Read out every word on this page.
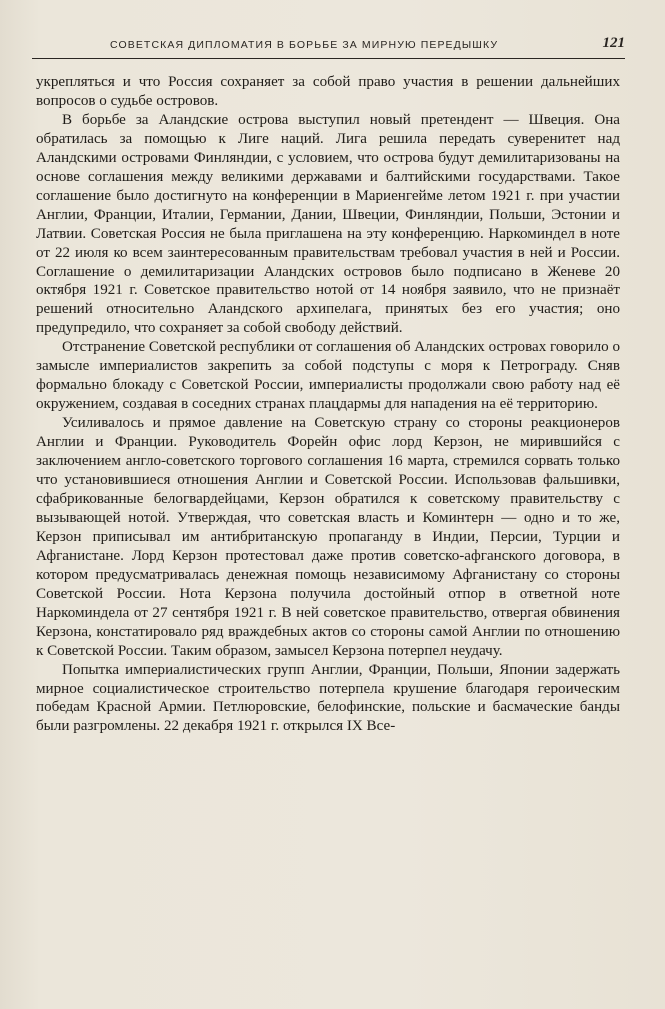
СОВЕТСКАЯ ДИПЛОМАТИЯ В БОРЬБЕ ЗА МИРНУЮ ПЕРЕДЫШКУ	121

укрепляться и что Россия сохраняет за собой право участия в решении дальнейших вопросов о судьбе островов.

В борьбе за Аландские острова выступил новый претендент — Швеция. Она обратилась за помощью к Лиге наций. Лига решила передать суверенитет над Аландскими островами Финляндии, с условием, что острова будут демилитаризованы на основе соглашения между великими державами и балтийскими государствами. Такое соглашение было достигнуто на конференции в Мариенгейме летом 1921 г. при участии Англии, Франции, Италии, Германии, Дании, Швеции, Финляндии, Польши, Эстонии и Латвии. Советская Россия не была приглашена на эту конференцию. Наркоминдел в ноте от 22 июля ко всем заинтересованным правительствам требовал участия в ней и России. Соглашение о демилитаризации Аландских островов было подписано в Женеве 20 октября 1921 г. Советское правительство нотой от 14 ноября заявило, что не признаёт решений относительно Аландского архипелага, принятых без его участия; оно предупредило, что сохраняет за собой свободу действий.

Отстранение Советской республики от соглашения об Аландских островах говорило о замысле империалистов закрепить за собой подступы с моря к Петрограду. Сняв формально блокаду с Советской России, империалисты продолжали свою работу над её окружением, создавая в соседних странах плацдармы для нападения на её территорию.

Усиливалось и прямое давление на Советскую страну со стороны реакционеров Англии и Франции. Руководитель Форейн офис лорд Керзон, не мирившийся с заключением англо-советского торгового соглашения 16 марта, стремился сорвать только что установившиеся отношения Англии и Советской России. Использовав фальшивки, сфабрикованные белогвардейцами, Керзон обратился к советскому правительству с вызывающей нотой. Утверждая, что советская власть и Коминтерн — одно и то же, Керзон приписывал им антибританскую пропаганду в Индии, Персии, Турции и Афганистане. Лорд Керзон протестовал даже против советско-афганского договора, в котором предусматривалась денежная помощь независимому Афганистану со стороны Советской России. Нота Керзона получила достойный отпор в ответной ноте Наркоминдела от 27 сентября 1921 г. В ней советское правительство, отвергая обвинения Керзона, констатировало ряд враждебных актов со стороны самой Англии по отношению к Советской России. Таким образом, замысел Керзона потерпел неудачу.

Попытка империалистических групп Англии, Франции, Польши, Японии задержать мирное социалистическое строительство потерпела крушение благодаря героическим победам Красной Армии. Петлюровские, белофинские, польские и басмаческие банды были разгромлены. 22 декабря 1921 г. открылся IX Все-
